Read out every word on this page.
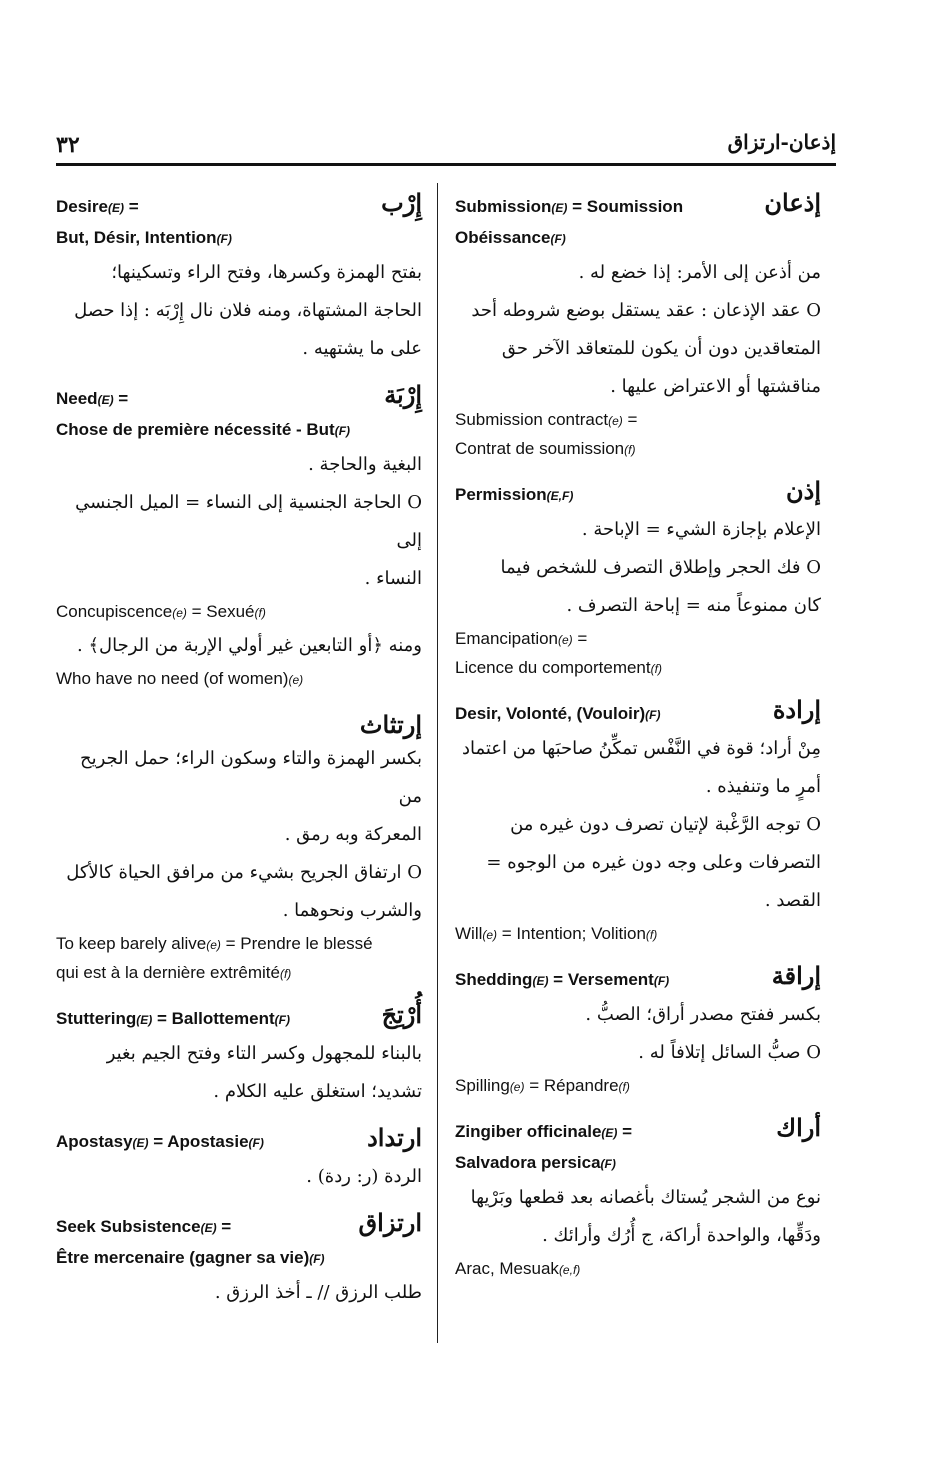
٣٢	إذعان-ارتزاق
إذعان
Submission(E) = Soumission
Obéissance(F)
من أذعن إلى الأمر: إذا خضع له .
O عقد الإذعان : عقد يستقل بوضع شروطه أحد
المتعاقدين دون أن يكون للمتعاقد الآخر حق
مناقشتها أو الاعتراض عليها .
Submission contract(e) =
Contrat de soumission(f)
إذن
Permission(E,F)
الإعلام بإجازة الشيء = الإباحة .
O فك الحجر وإطلاق التصرف للشخص فيما
كان ممنوعاً منه = إباحة التصرف .
Emancipation(e) =
Licence du comportement(f)
إرادة
Desir, Volonté, (Vouloir)(F)
مِنْ أراد؛ قوة في النَّفْس تمكِّنُ صاحبَها من اعتماد
أمرٍ ما وتنفيذه .
O توجه الرَّغْبة لإتيان تصرف دون غيره من
التصرفات وعلى وجه دون غيره من الوجوه =
القصد .
Will(e) = Intention; Volition(f)
إراقة
Shedding(E) = Versement(F)
بكسر ففتح مصدر أراق؛ الصبُّ .
O صبُّ السائل إتلافاً له .
Spilling(e) = Répandre(f)
أراك
Zingiber officinale(E) =
Salvadora persica(F)
نوع من الشجر يُستاك بأغصانه بعد قطعها وبَرْيها
ودَقِّها، والواحدة أراكة، ج أُرُك وأرائك .
Arac, Mesuak(e,f)
إِرْب
Desire(E) =
But, Désir, Intention(F)
بفتح الهمزة وكسرها، وفتح الراء وتسكينها؛
الحاجة المشتهاة، ومنه فلان نال إِرْبَه : إذا حصل
على ما يشتهيه .
إِرْبَة
Need(E) =
Chose de première nécessité - But(F)
البغية والحاجة .
O الحاجة الجنسية إلى النساء = الميل الجنسي إلى
النساء .
Concupiscence(e) = Sexué(f)
ومنه ﴿أو التابعين غير أولي الإربة من الرجال﴾ .
Who have no need (of women)(e)
إرتثاث
بكسر الهمزة والتاء وسكون الراء؛ حمل الجريح من
المعركة وبه رمق .
O ارتفاق الجريح بشيء من مرافق الحياة كالأكل
والشرب ونحوهما .
To keep barely alive(e) = Prendre le blessé
qui est à la dernière extrêmité(f)
أُرْتِجَ
Stuttering(E) = Ballottement(F)
بالبناء للمجهول وكسر التاء وفتح الجيم بغير
تشديد؛ استغلق عليه الكلام .
ارتداد
Apostasy(E) = Apostasie(F)
الردة (ر: ردة) .
ارتزاق
Seek Subsistence(E) =
Être mercenaire (gagner sa vie)(F)
طلب الرزق // ـ أخذ الرزق .
